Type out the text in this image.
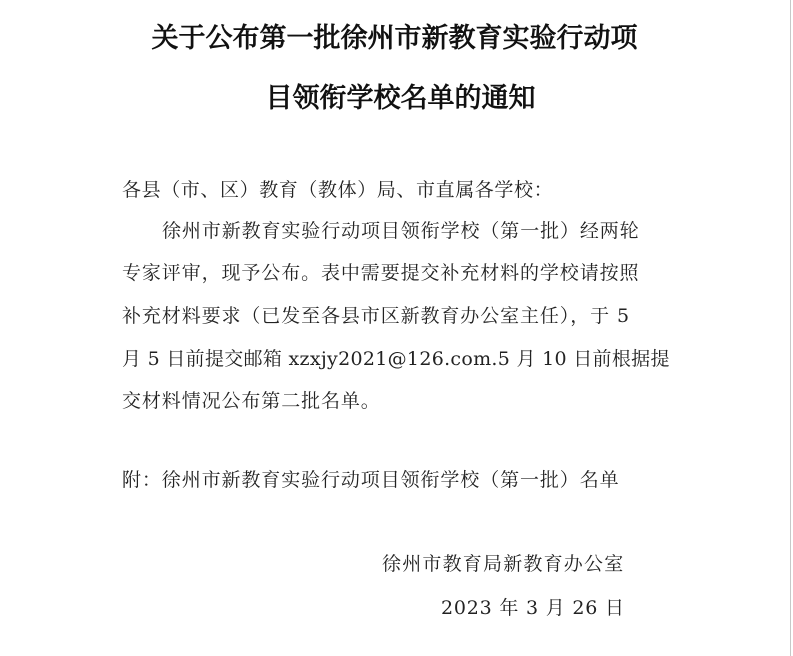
关于公布第一批徐州市新教育实验行动项
目领衔学校名单的通知
各县（市、区）教育（教体）局、市直属各学校：
徐州市新教育实验行动项目领衔学校（第一批）经两轮
专家评审，现予公布。表中需要提交补充材料的学校请按照
补充材料要求（已发至各县市区新教育办公室主任），于 5
月 5 日前提交邮箱 xzxjy2021@126.com.5 月 10 日前根据提
交材料情况公布第二批名单。
附：徐州市新教育实验行动项目领衔学校（第一批）名单
徐州市教育局新教育办公室
2023 年 3 月 26 日
